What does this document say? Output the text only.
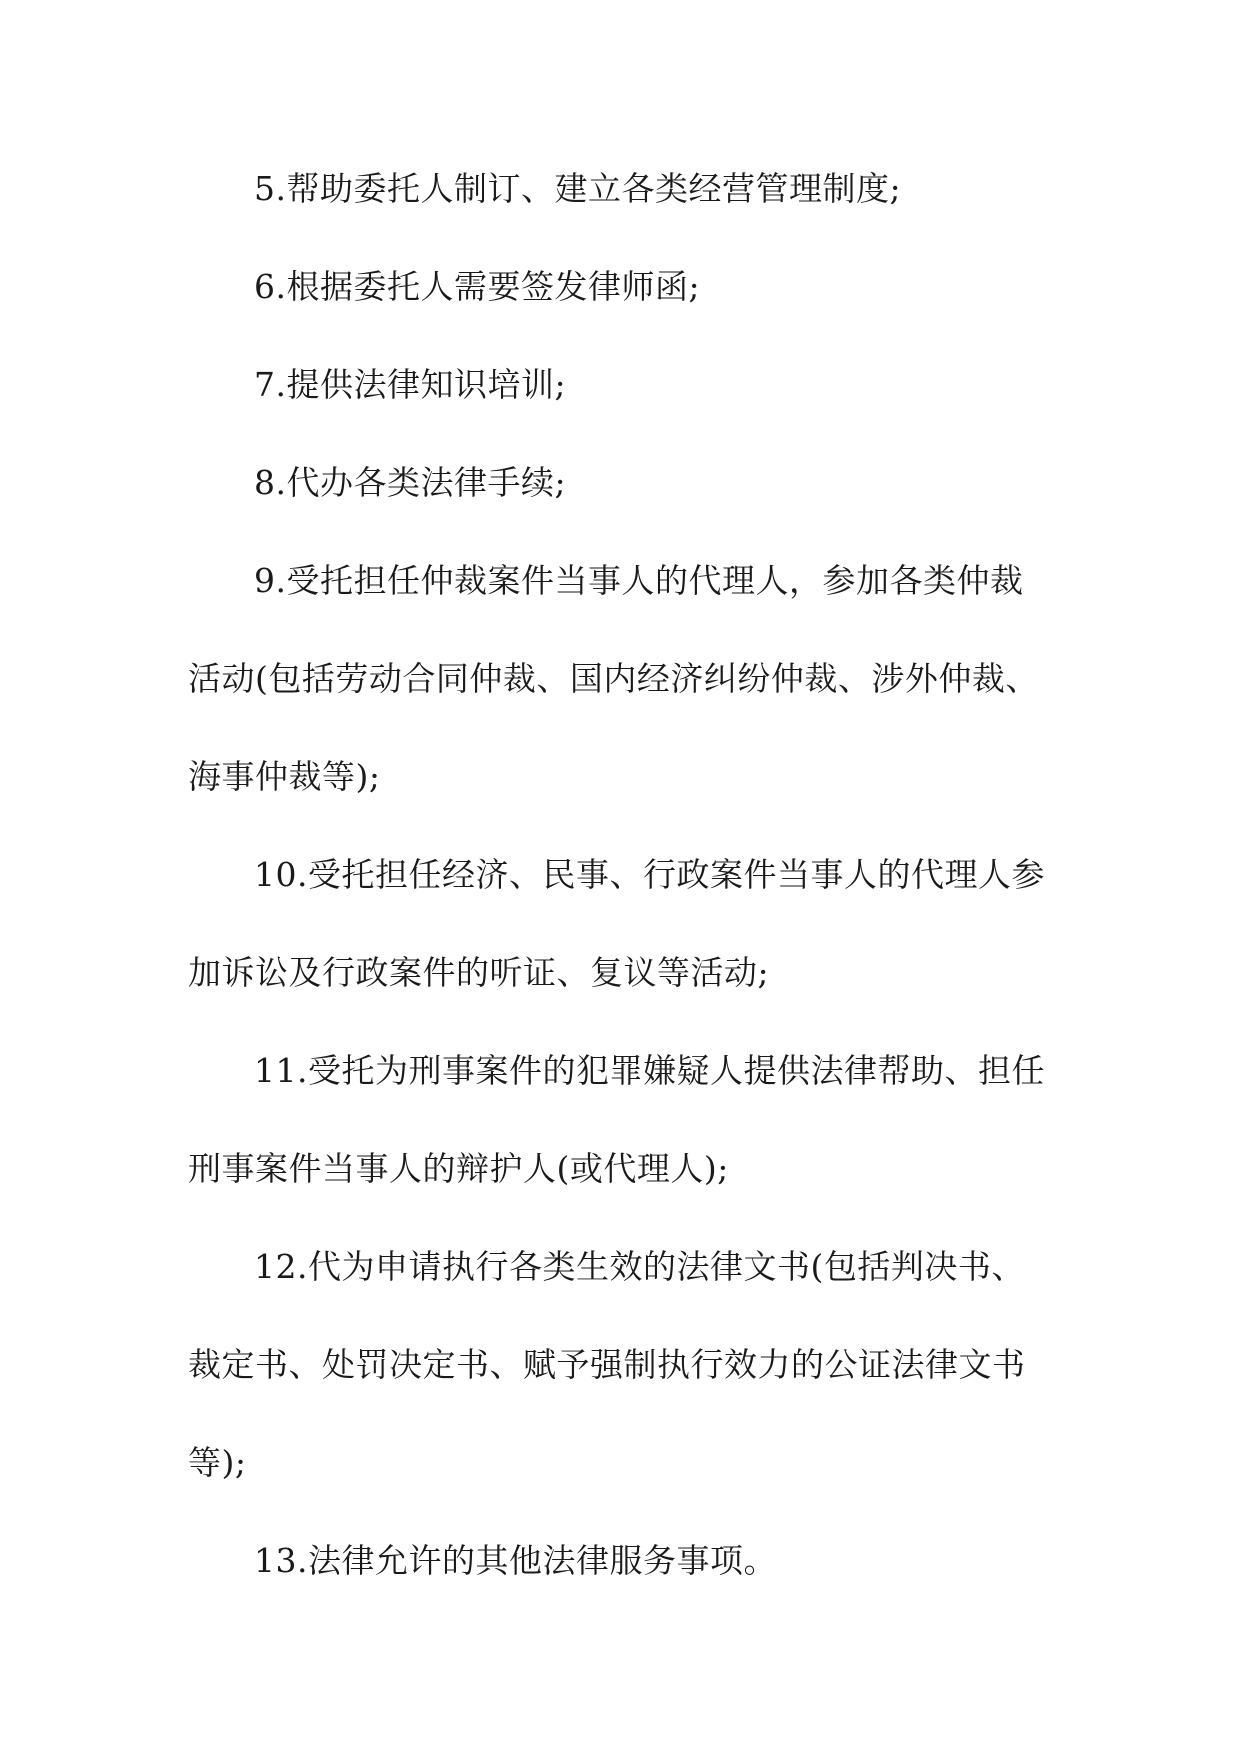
5.帮助委托人制订、建立各类经营管理制度;
6.根据委托人需要签发律师函;
7.提供法律知识培训;
8.代办各类法律手续;
9.受托担任仲裁案件当事人的代理人，参加各类仲裁
活动(包括劳动合同仲裁、国内经济纠纷仲裁、涉外仲裁、
海事仲裁等);
10.受托担任经济、民事、行政案件当事人的代理人参
加诉讼及行政案件的听证、复议等活动;
11.受托为刑事案件的犯罪嫌疑人提供法律帮助、担任
刑事案件当事人的辩护人(或代理人);
12.代为申请执行各类生效的法律文书(包括判决书、
裁定书、处罚决定书、赋予强制执行效力的公证法律文书
等);
13.法律允许的其他法律服务事项。
